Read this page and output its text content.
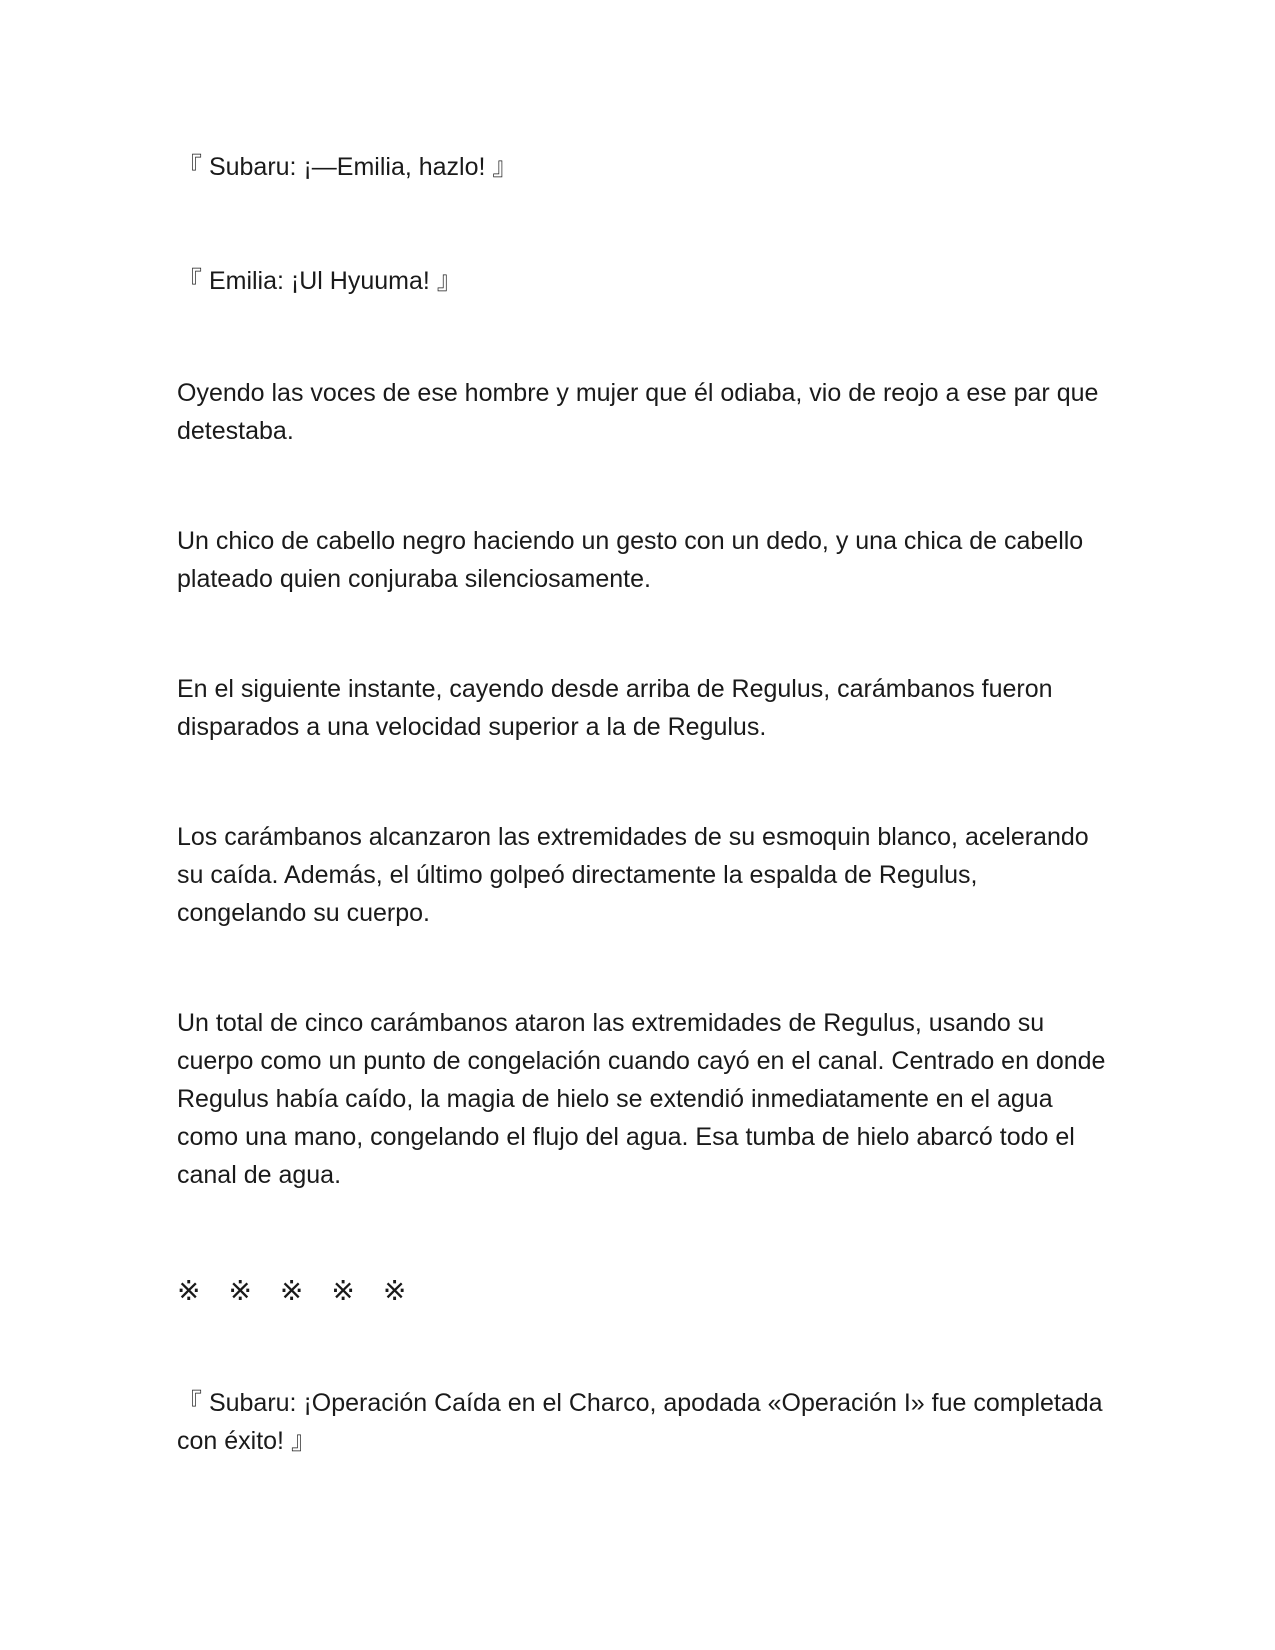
『 Subaru: ¡—Emilia, hazlo! 』

『 Emilia: ¡Ul Hyuuma! 』

Oyendo las voces de ese hombre y mujer que él odiaba, vio de reojo a ese par que detestaba.

Un chico de cabello negro haciendo un gesto con un dedo, y una chica de cabello plateado quien conjuraba silenciosamente.

En el siguiente instante, cayendo desde arriba de Regulus, carámbanos fueron disparados a una velocidad superior a la de Regulus.

Los carámbanos alcanzaron las extremidades de su esmoquin blanco, acelerando su caída. Además, el último golpeó directamente la espalda de Regulus, congelando su cuerpo.

Un total de cinco carámbanos ataron las extremidades de Regulus, usando su cuerpo como un punto de congelación cuando cayó en el canal. Centrado en donde Regulus había caído, la magia de hielo se extendió inmediatamente en el agua como una mano, congelando el flujo del agua. Esa tumba de hielo abarcó todo el canal de agua.

※　※　※　※　※

『 Subaru: ¡Operación Caída en el Charco, apodada «Operación I» fue completada con éxito! 』
